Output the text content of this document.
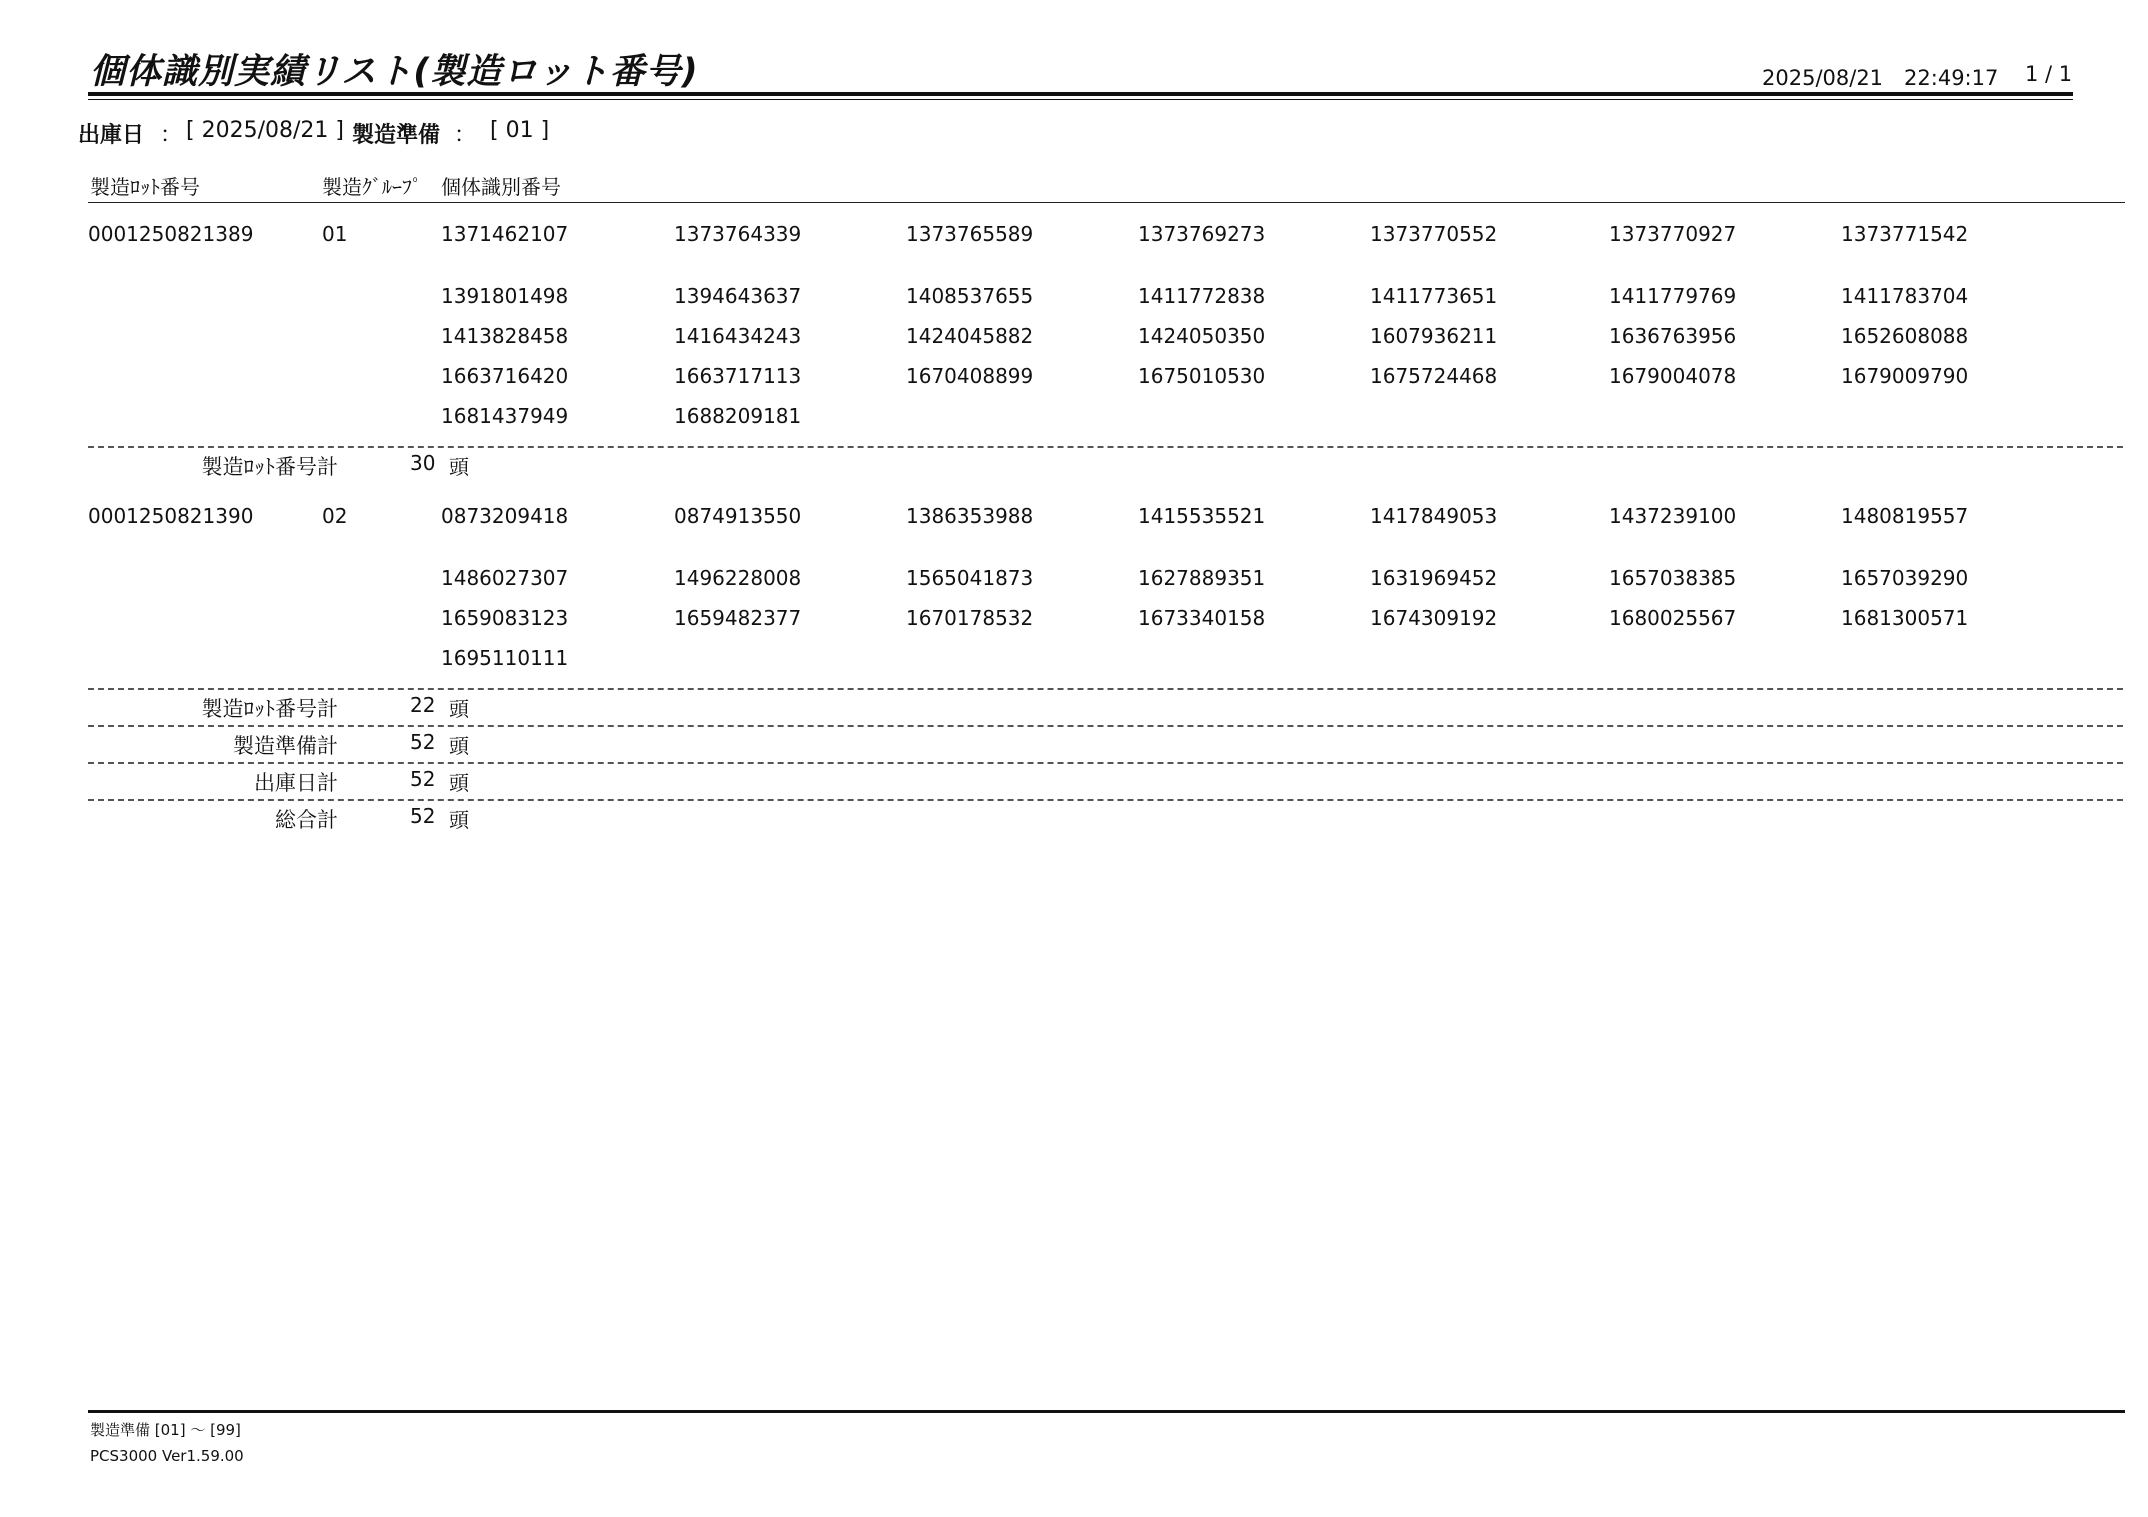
個体識別実績リスト(製造ロット番号)	2025/08/21　22:49:17 1 / 1
出庫日 ： [ 2025/08/21 ] 製造準備 ： [ 01 ]
製造ﾛｯﾄ番号	製造ｸﾞﾙｰﾌﾟ 個体識別番号
0001250821389	01	1371462107	1373764339	1373765589	1373769273	1373770552	1373770927	1373771542
1391801498	1394643637	1408537655	1411772838	1411773651	1411779769	1411783704
1413828458	1416434243	1424045882	1424050350	1607936211	1636763956	1652608088
1663716420	1663717113	1670408899	1675010530	1675724468	1679004078	1679009790
1681437949	1688209181
製造ﾛｯﾄ番号計	30 頭
0001250821390	02	0873209418	0874913550	1386353988	1415535521	1417849053	1437239100	1480819557
1486027307	1496228008	1565041873	1627889351	1631969452	1657038385	1657039290
1659083123	1659482377	1670178532	1673340158	1674309192	1680025567	1681300571
1695110111
製造ﾛｯﾄ番号計	22 頭
製造準備計	52 頭
出庫日計	52 頭
総合計	52 頭
製造準備 [01] ～ [99]
PCS3000 Ver1.59.00
